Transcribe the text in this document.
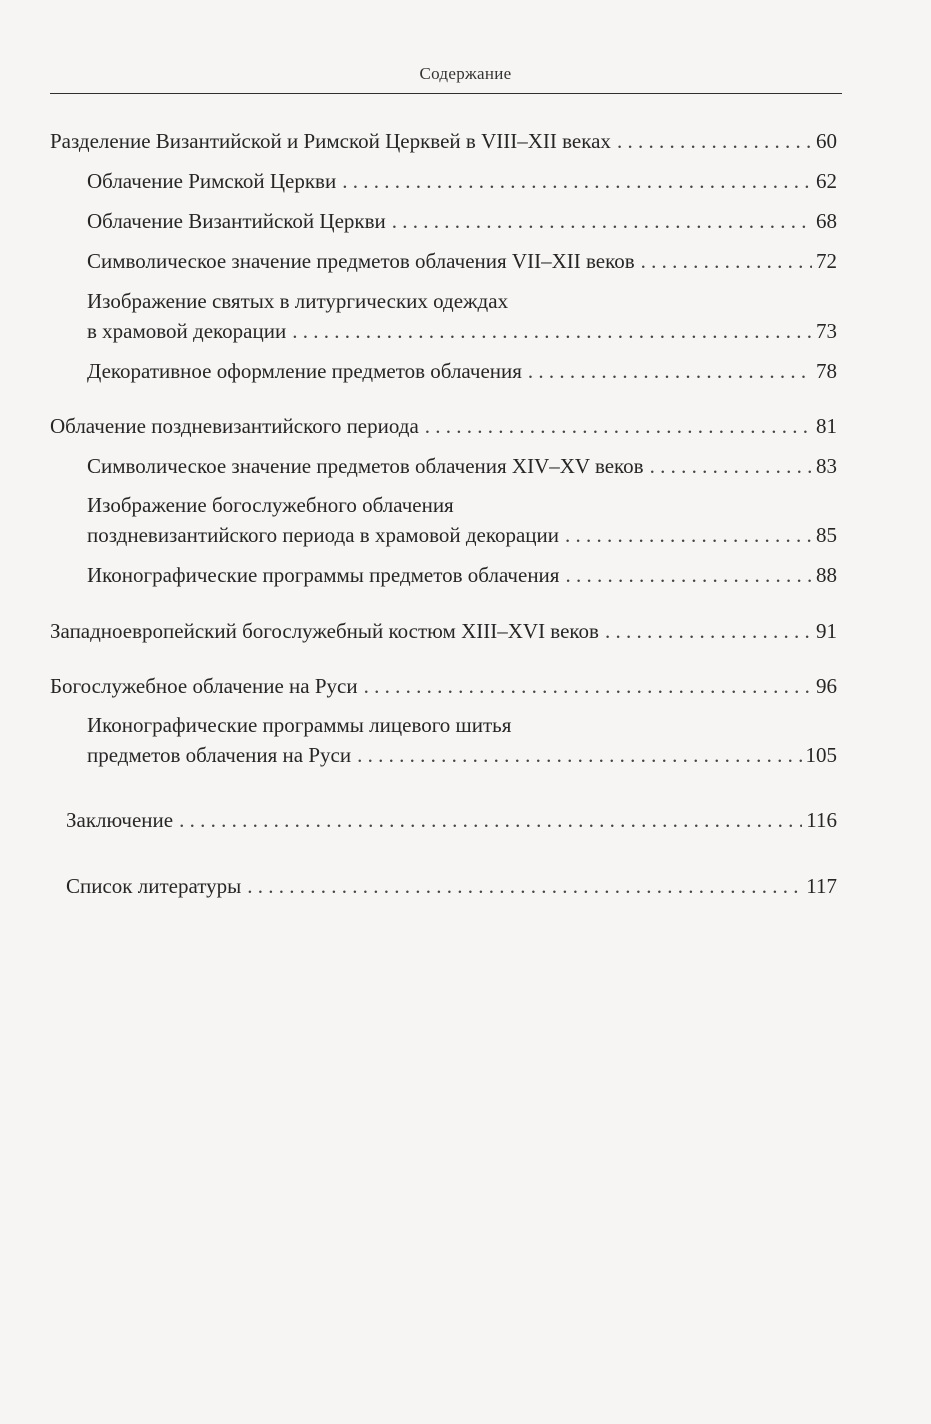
Содержание
Разделение Византийской и Римской Церквей в VIII–XII веках . . .	60
Облачение Римской Церкви . . .	62
Облачение Византийской Церкви . . .	68
Символическое значение предметов облачения VII–XII веков . . .	72
Изображение святых в литургических одеждах
в храмовой декорации . . .	73
Декоративное оформление предметов облачения . . .	78
Облачение поздневизантийского периода . . .	81
Символическое значение предметов облачения XIV–XV веков . . .	83
Изображение богослужебного облачения
поздневизантийского периода в храмовой декорации . . .	85
Иконографические программы предметов облачения . . .	88
Западноевропейский богослужебный костюм XIII–XVI веков . . .	91
Богослужебное облачение на Руси . . .	96
Иконографические программы лицевого шитья
предметов облачения на Руси . . .	105
Заключение . . .	116
Список литературы . . .	117
